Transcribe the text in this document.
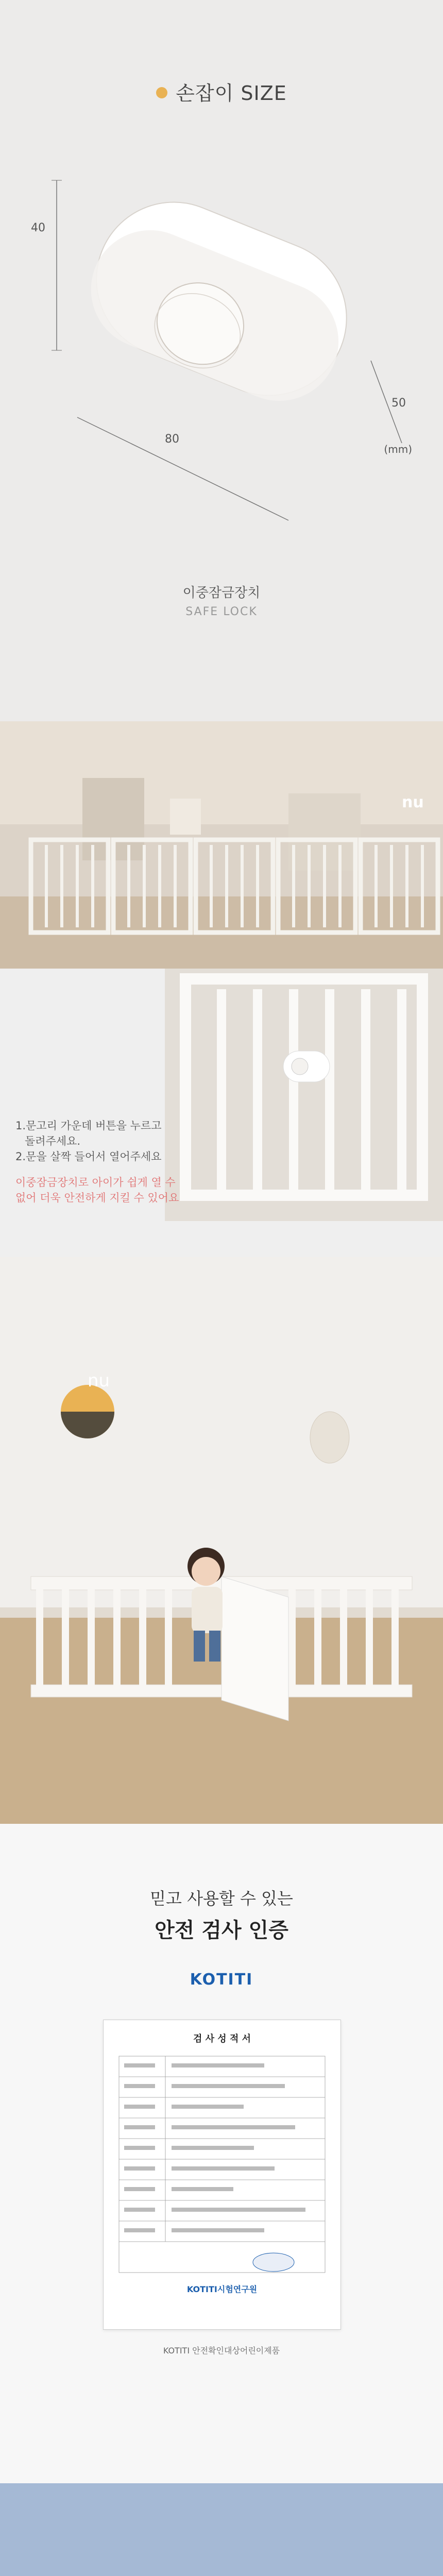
손잡이 SIZE
40
80
50
(mm)
이중잠금장치
SAFE LOCK
nu
1.문고리 가운데 버튼을 누르고
돌려주세요.
2.문을 살짝 들어서 열어주세요
이중잠금장치로 아이가 쉽게 열 수
없어 더욱 안전하게 지킬 수 있어요
nu
믿고 사용할 수 있는
안전 검사 인증
KOTITI
검 사 성 적 서
KOTITI시험연구원
KOTITI 안전확인대상어린이제품
